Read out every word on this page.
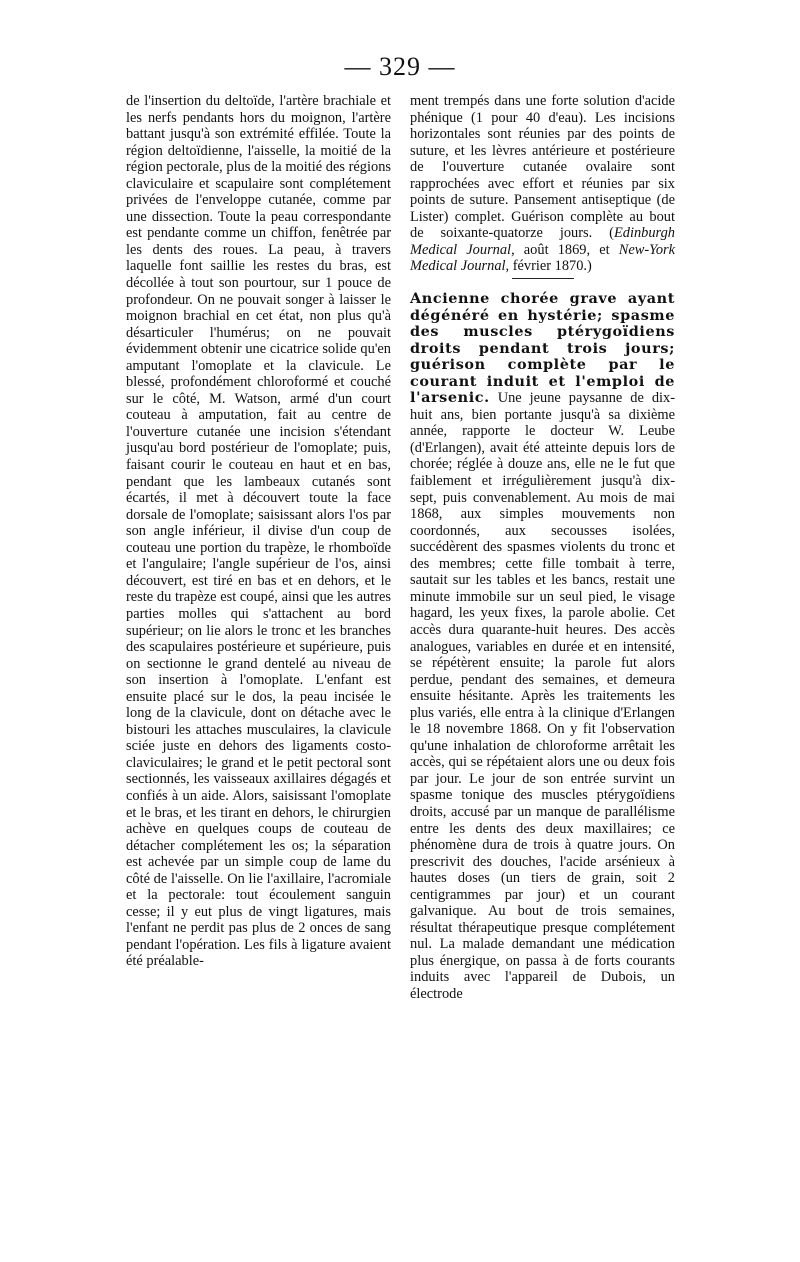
— 329 —

de l'insertion du deltoïde, l'artère brachiale et les nerfs pendants hors du moignon, l'artère battant jusqu'à son extrémité effilée. Toute la région deltoïdienne, l'aisselle, la moitié de la région pectorale, plus de la moitié des régions claviculaire et scapulaire sont complétement privées de l'enveloppe cutanée, comme par une dissection. Toute la peau correspondante est pendante comme un chiffon, fenêtrée par les dents des roues. La peau, à travers laquelle font saillie les restes du bras, est décollée à tout son pourtour, sur 1 pouce de profondeur. On ne pouvait songer à laisser le moignon brachial en cet état, non plus qu'à désarticuler l'humérus; on ne pouvait évidemment obtenir une cicatrice solide qu'en amputant l'omoplate et la clavicule. Le blessé, profondément chloroformé et couché sur le côté, M. Watson, armé d'un court couteau à amputation, fait au centre de l'ouverture cutanée une incision s'étendant jusqu'au bord postérieur de l'omoplate; puis, faisant courir le couteau en haut et en bas, pendant que les lambeaux cutanés sont écartés, il met à découvert toute la face dorsale de l'omoplate; saisissant alors l'os par son angle inférieur, il divise d'un coup de couteau une portion du trapèze, le rhomboïde et l'angulaire; l'angle supérieur de l'os, ainsi découvert, est tiré en bas et en dehors, et le reste du trapèze est coupé, ainsi que les autres parties molles qui s'attachent au bord supérieur; on lie alors le tronc et les branches des scapulaires postérieure et supérieure, puis on sectionne le grand dentelé au niveau de son insertion à l'omoplate. L'enfant est ensuite placé sur le dos, la peau incisée le long de la clavicule, dont on détache avec le bistouri les attaches musculaires, la clavicule sciée juste en dehors des ligaments costo-claviculaires; le grand et le petit pectoral sont sectionnés, les vaisseaux axillaires dégagés et confiés à un aide. Alors, saisissant l'omoplate et le bras, et les tirant en dehors, le chirurgien achève en quelques coups de couteau de détacher complétement les os; la séparation est achevée par un simple coup de lame du côté de l'aisselle. On lie l'axillaire, l'acromiale et la pectorale: tout écoulement sanguin cesse; il y eut plus de vingt ligatures, mais l'enfant ne perdit pas plus de 2 onces de sang pendant l'opération. Les fils à ligature avaient été préalable-

ment trempés dans une forte solution d'acide phénique (1 pour 40 d'eau). Les incisions horizontales sont réunies par des points de suture, et les lèvres antérieure et postérieure de l'ouverture cutanée ovalaire sont rapprochées avec effort et réunies par six points de suture. Pansement antiseptique (de Lister) complet. Guérison complète au bout de soixante-quatorze jours. (Edinburgh Medical Journal, août 1869, et New-York Medical Journal, février 1870.)

Ancienne chorée grave ayant dégénéré en hystérie; spasme des muscles ptérygoïdiens droits pendant trois jours; guérison complète par le courant induit et l'emploi de l'arsenic. Une jeune paysanne de dix-huit ans, bien portante jusqu'à sa dixième année, rapporte le docteur W. Leube (d'Erlangen), avait été atteinte depuis lors de chorée; réglée à douze ans, elle ne le fut que faiblement et irrégulièrement jusqu'à dix-sept, puis convenablement. Au mois de mai 1868, aux simples mouvements non coordonnés, aux secousses isolées, succédèrent des spasmes violents du tronc et des membres; cette fille tombait à terre, sautait sur les tables et les bancs, restait une minute immobile sur un seul pied, le visage hagard, les yeux fixes, la parole abolie. Cet accès dura quarante-huit heures. Des accès analogues, variables en durée et en intensité, se répétèrent ensuite; la parole fut alors perdue, pendant des semaines, et demeura ensuite hésitante. Après les traitements les plus variés, elle entra à la clinique d'Erlangen le 18 novembre 1868. On y fit l'observation qu'une inhalation de chloroforme arrêtait les accès, qui se répétaient alors une ou deux fois par jour. Le jour de son entrée survint un spasme tonique des muscles ptérygoïdiens droits, accusé par un manque de parallélisme entre les dents des deux maxillaires; ce phénomène dura de trois à quatre jours. On prescrivit des douches, l'acide arsénieux à hautes doses (un tiers de grain, soit 2 centigrammes par jour) et un courant galvanique. Au bout de trois semaines, résultat thérapeutique presque complétement nul. La malade demandant une médication plus énergique, on passa à de forts courants induits avec l'appareil de Dubois, un électrode
